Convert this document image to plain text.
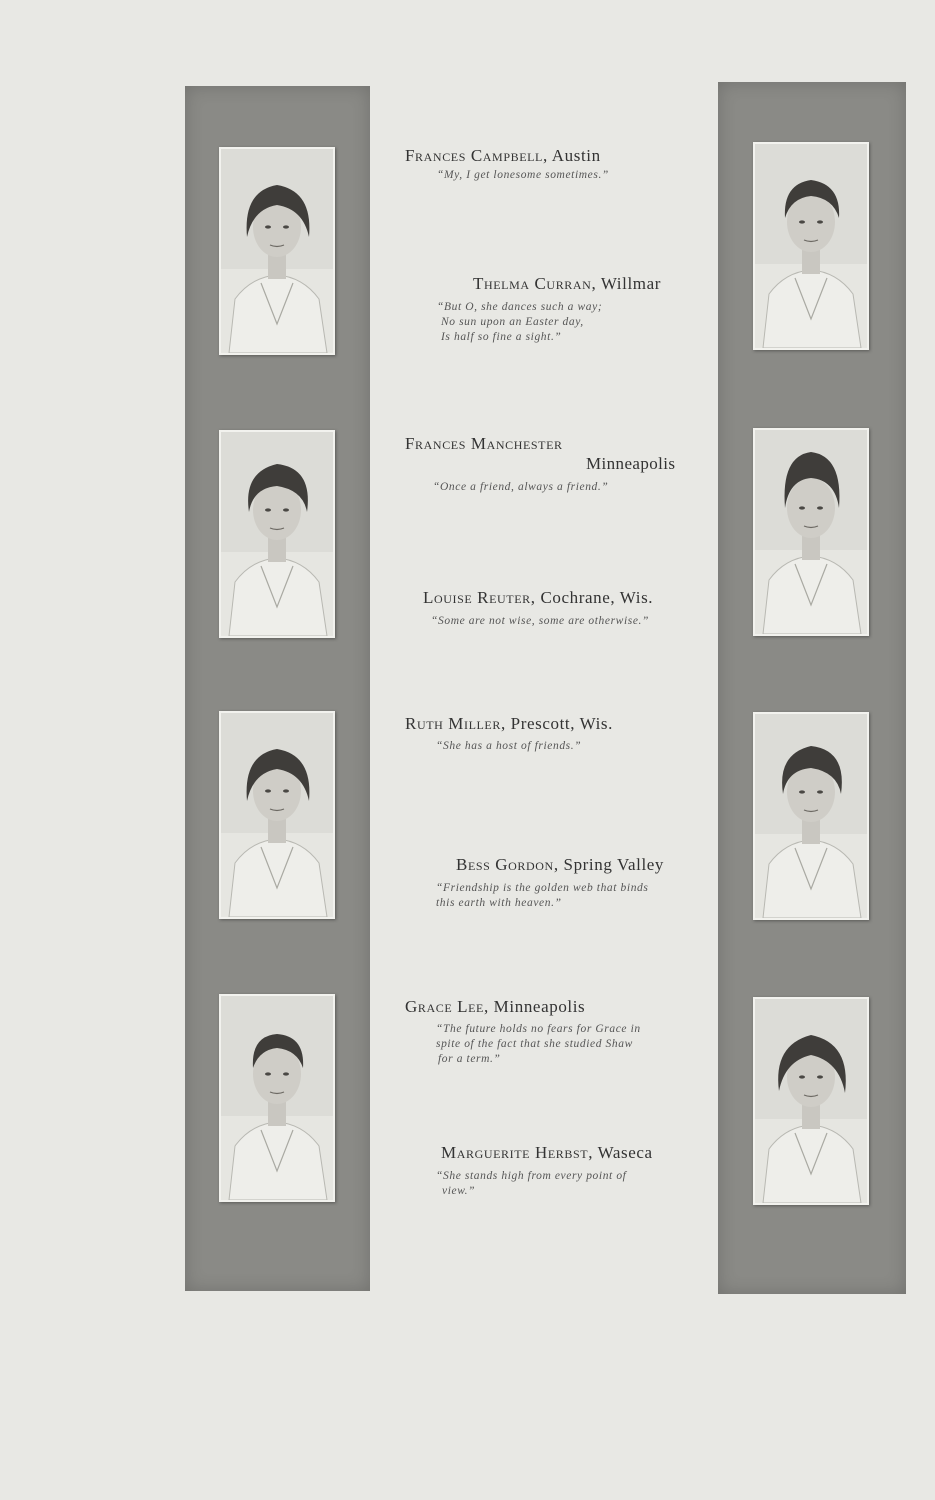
Frances Campbell, Austin
“My, I get lonesome sometimes.”
Thelma Curran, Willmar
“But O, she dances such a way;
No sun upon an Easter day,
Is half so fine a sight.”
Frances Manchester
Minneapolis
“Once a friend, always a friend.”
Louise Reuter, Cochrane, Wis.
“Some are not wise, some are otherwise.”
Ruth Miller, Prescott, Wis.
“She has a host of friends.”
Bess Gordon, Spring Valley
“Friendship is the golden web that binds
this earth with heaven.”
Grace Lee, Minneapolis
“The future holds no fears for Grace in
spite of the fact that she studied Shaw
for a term.”
Marguerite Herbst, Waseca
“She stands high from every point of
view.”
